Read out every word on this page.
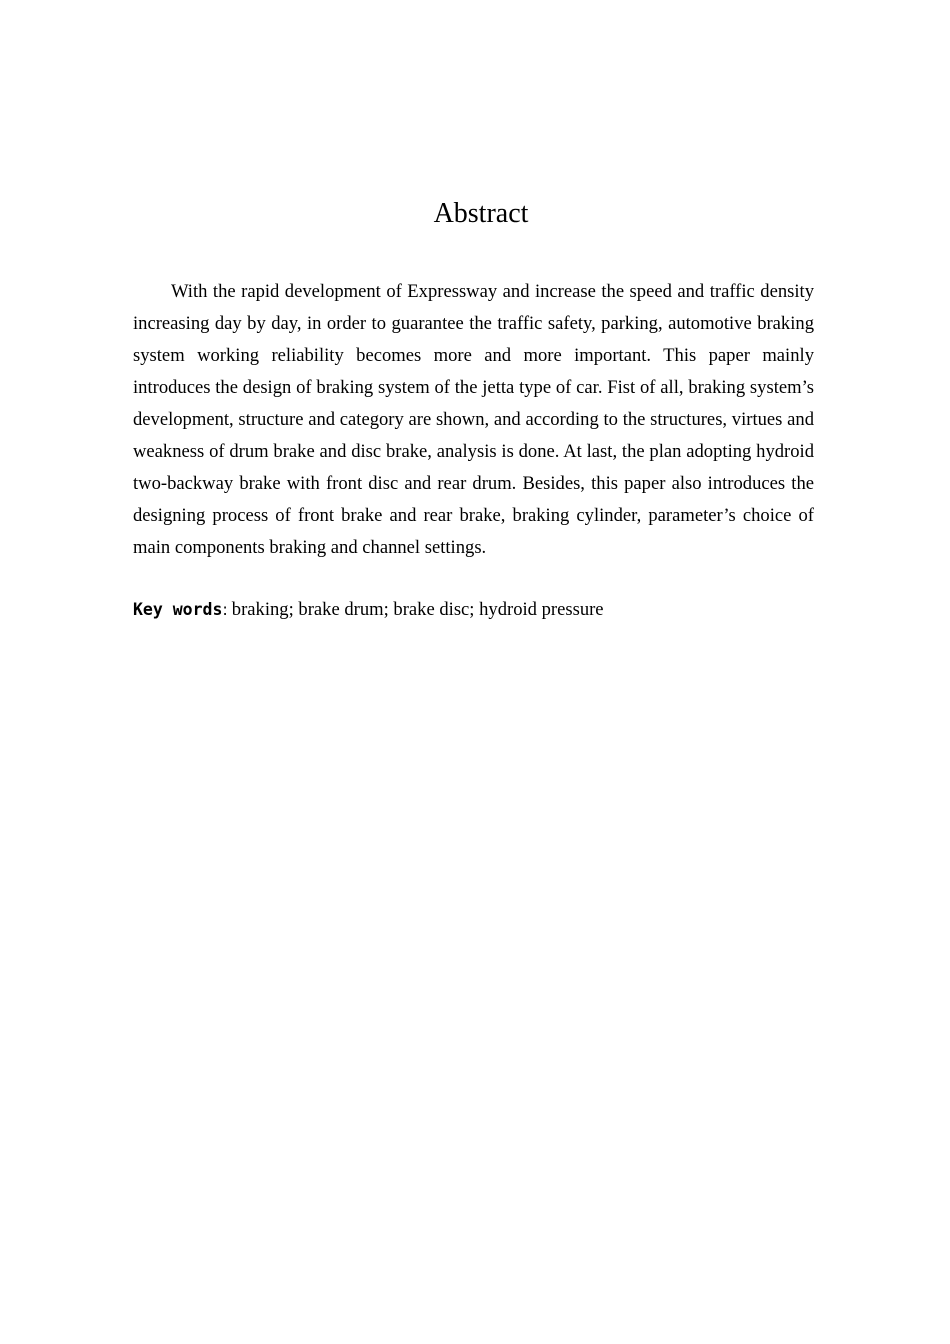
Abstract

With the rapid development of Expressway and increase the speed and traffic density increasing day by day, in order to guarantee the traffic safety, parking, automotive braking system working reliability becomes more and more important. This paper mainly introduces the design of braking system of the jetta type of car. Fist of all, braking system’s development, structure and category are shown, and according to the structures, virtues and weakness of drum brake and disc brake, analysis is done. At last, the plan adopting hydroid two-backway brake with front disc and rear drum. Besides, this paper also introduces the designing process of front brake and rear brake, braking cylinder, parameter’s choice of main components braking and channel settings.

Key words: braking; brake drum; brake disc; hydroid pressure
